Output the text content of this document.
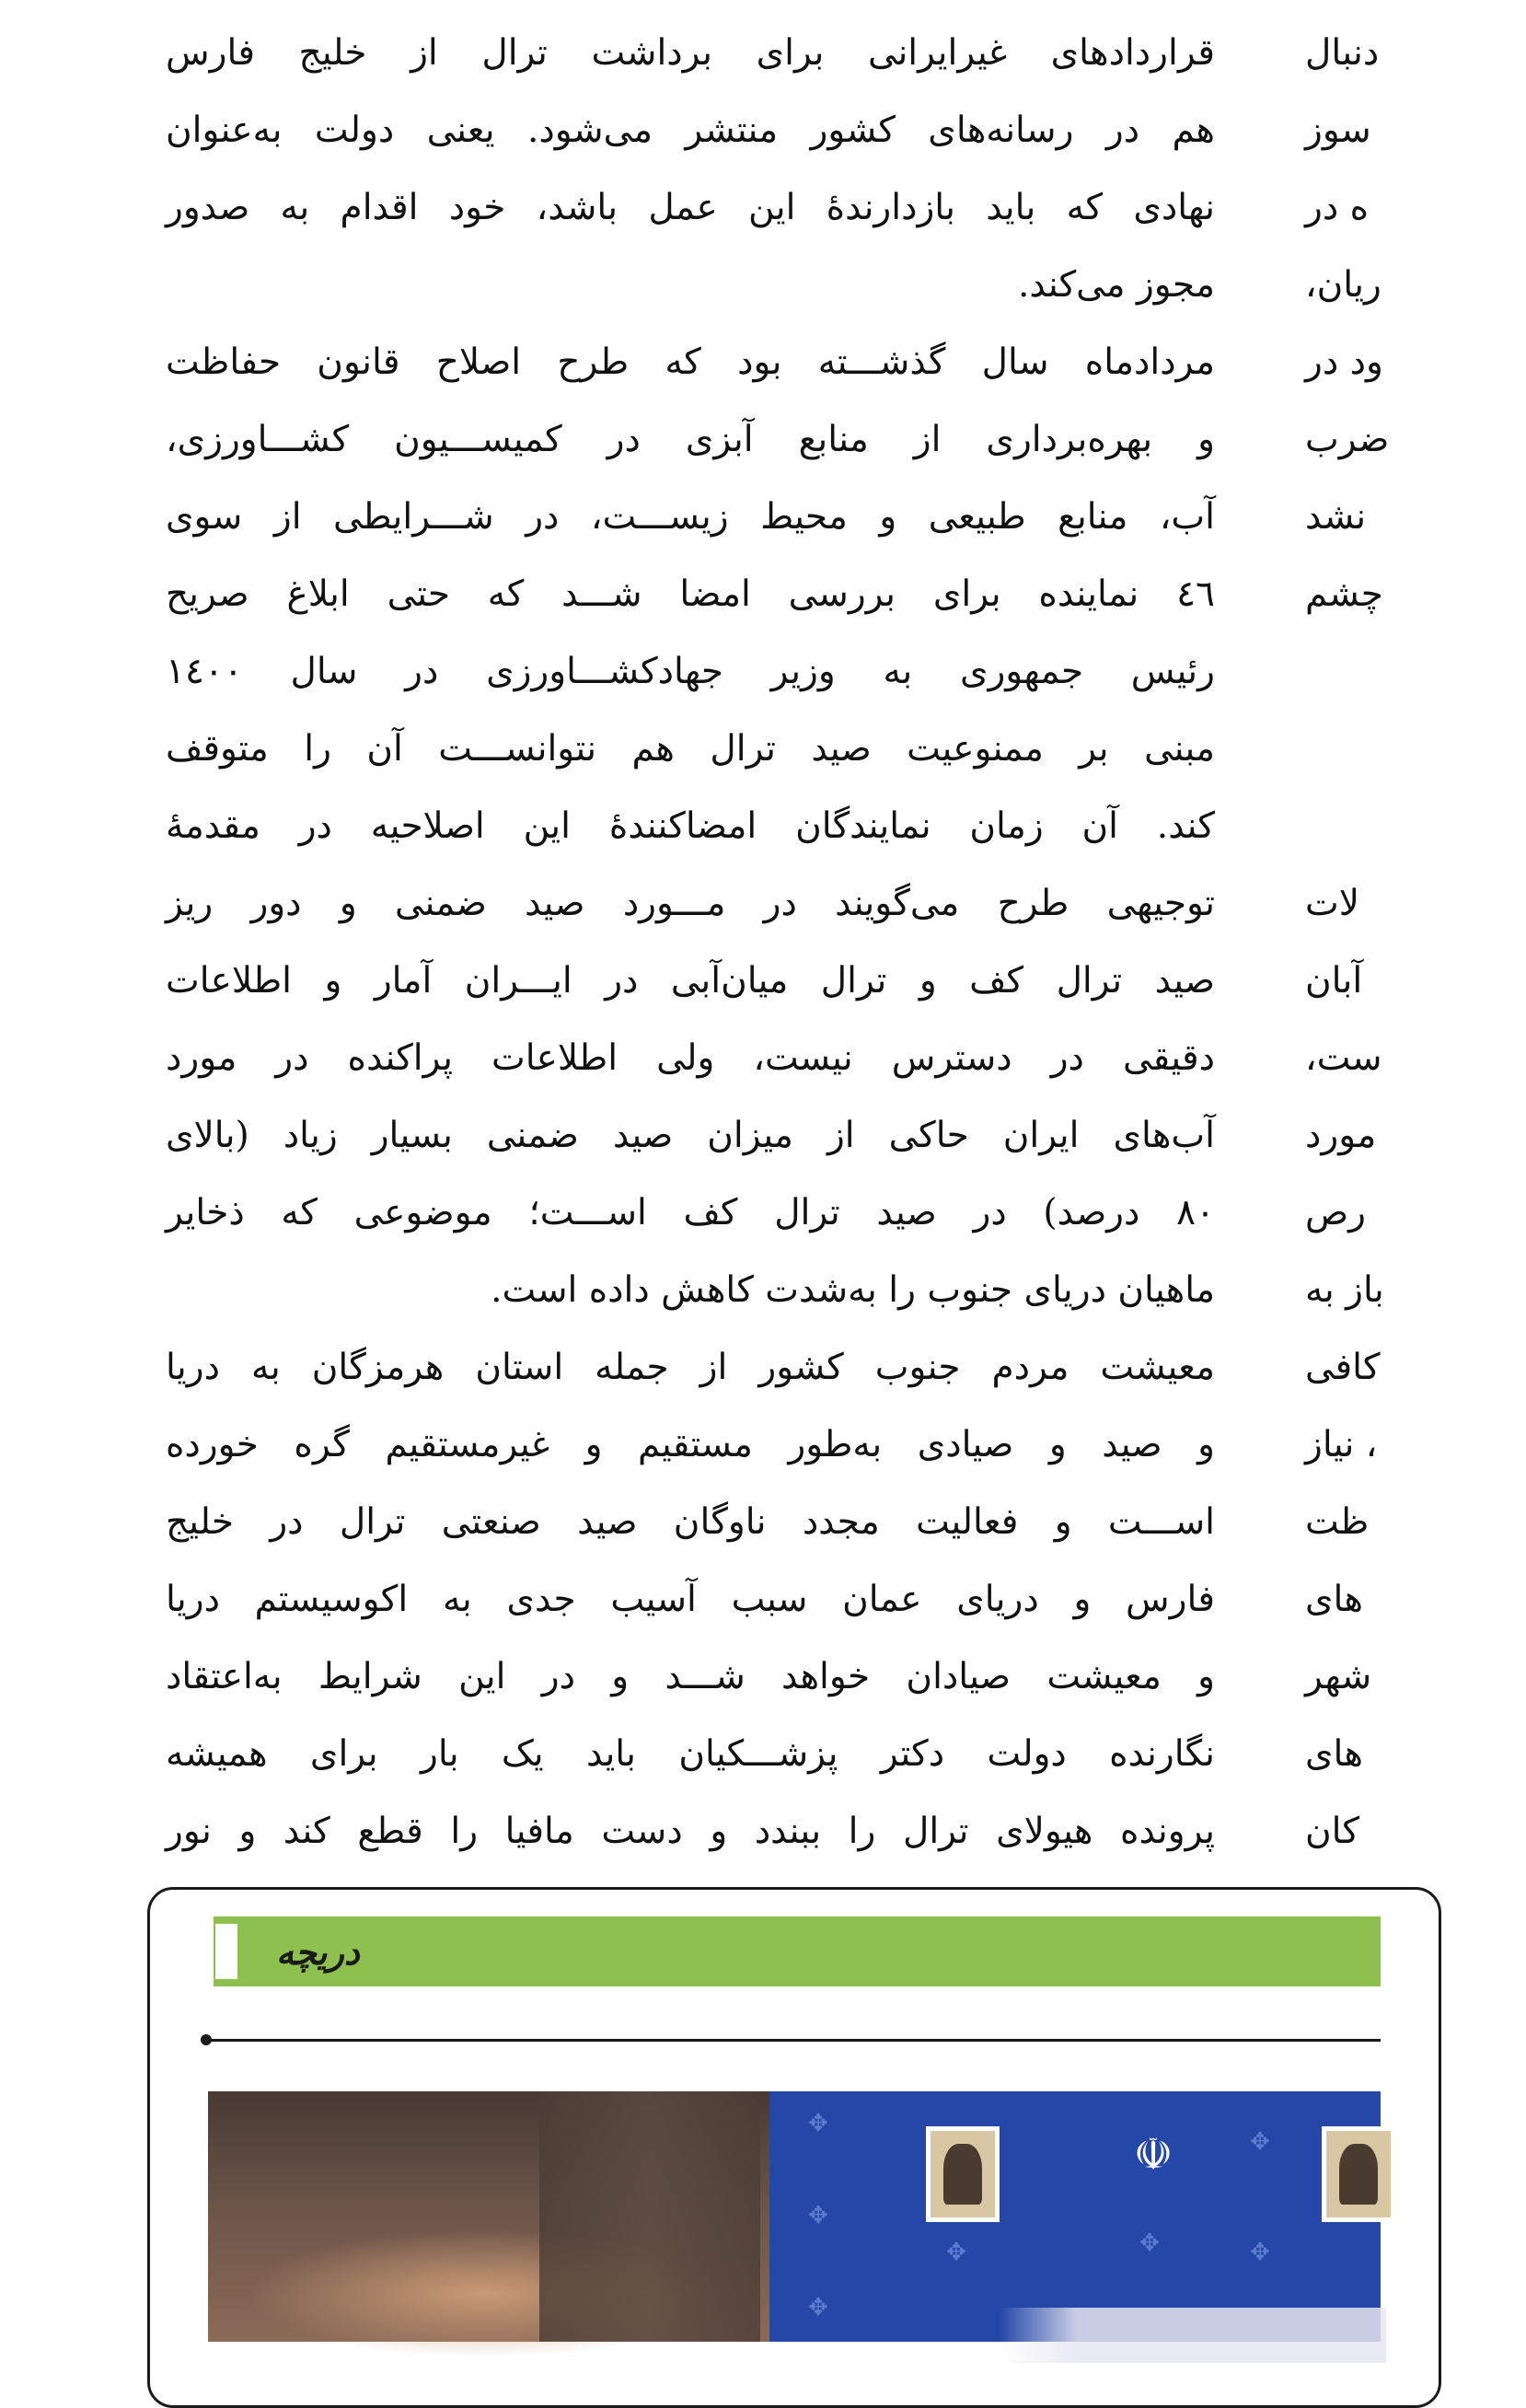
قراردادهای غیرایرانی برای برداشت ترال از خلیج فارس
هم در رسانه‌های کشور منتشر می‌شود. یعنی دولت به‌عنوان
نهادی که باید بازدارندهٔ این عمل باشد، خود اقدام به صدور
مجوز می‌کند.
مردادماه سال گذشـــته بود که طرح اصلاح قانون حفاظت
و بهره‌برداری از منابع آبزی در کمیســـیون کشـــاورزی،
آب، منابع طبیعی و محیط زیســـت، در شـــرایطی از سوی
٤٦ نماینده برای بررسی امضا شـــد که حتی ابلاغ صریح
رئیس جمهوری به وزیر جهادکشـــاورزی در سال ١٤٠٠
مبنی بر ممنوعیت صید ترال هم نتوانســـت آن را متوقف
کند. آن زمان نمایندگان امضاکنندهٔ این اصلاحیه در مقدمهٔ
توجیهی طرح می‌گویند در مـــورد صید ضمنی و دور ریز
صید ترال کف و ترال میان‌آبی در ایـــران آمار و اطلاعات
دقیقی در دسترس نیست، ولی اطلاعات پراکنده در مورد
آب‌های ایران حاکی از میزان صید ضمنی بسیار زیاد (بالای
٨٠ درصد) در صید ترال کف اســـت؛ موضوعی که ذخایر
ماهیان دریای جنوب را به‌شدت کاهش داده است.
معیشت مردم جنوب کشور از جمله استان هرمزگان به دریا
و صید و صیادی به‌طور مستقیم و غیرمستقیم گره خورده
اســـت و فعالیت مجدد ناوگان صید صنعتی ترال در خلیج
فارس و دریای عمان سبب آسیب جدی به اکوسیستم دریا
و معیشت صیادان خواهد شـــد و در این شرایط به‌اعتقاد
نگارنده دولت دکتر پزشـــکیان باید یک بار برای همیشه
پرونده هیولای ترال را ببندد و دست مافیا را قطع کند و نور
دنبال
سوز
ه در
ریان،
ود در
ضرب
نشد
چشم
لات
آبان
ست،
مورد
رص
باز به
کافی
، نیاز
ظت
های
شهر
های
کان
دریچه
✥
✥
✥
✥	✥
✥
✥
☫
